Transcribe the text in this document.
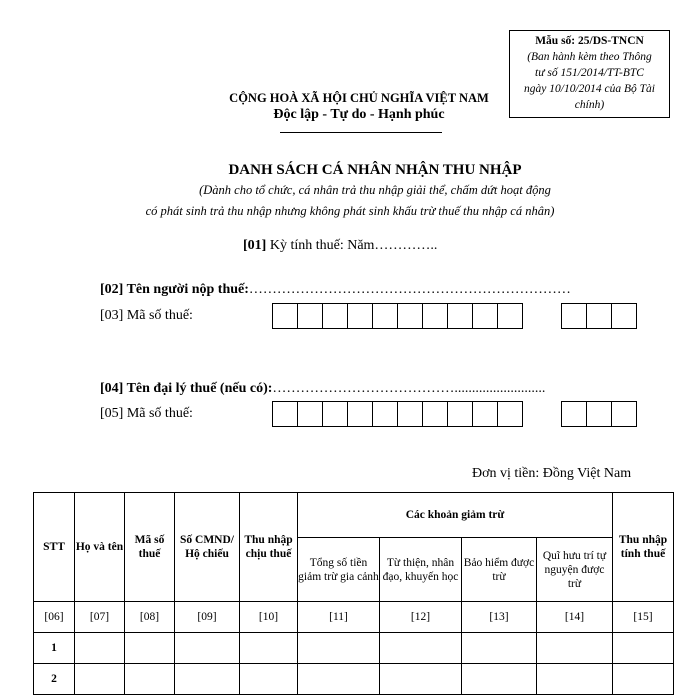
Mẫu số: 25/DS-TNCN
(Ban hành kèm theo Thông
tư số 151/2014/TT-BTC
ngày 10/10/2014 của Bộ Tài
chính)
CỘNG HOÀ XÃ HỘI CHỦ NGHĨA VIỆT NAM
Độc lập - Tự do - Hạnh phúc
DANH SÁCH CÁ NHÂN NHẬN THU NHẬP
(Dành cho tổ chức, cá nhân trả thu nhập giải thể, chấm dứt hoạt động
có phát sinh trả thu nhập nhưng không phát sinh khấu trừ thuế thu nhập cá nhân)
[01] Kỳ tính thuế: Năm…………..
[02] Tên người nộp thuế:……………………………………………………………
[03] Mã số thuế:
[04] Tên đại lý thuế (nếu có):…………………………………..........................
[05] Mã số thuế:
Đơn vị tiền: Đồng Việt Nam
STT	Họ và tên	Mã số thuế	Số CMND/ Hộ chiếu	Thu nhập chịu thuế	Các khoản giảm trừ				Thu nhập tính thuế
					Tổng số tiền giảm trừ gia cảnh	Từ thiện, nhân đạo, khuyến học	Bảo hiểm được trừ	Quĩ hưu trí tự nguyện được trừ	
[06]	[07]	[08]	[09]	[10]	[11]	[12]	[13]	[14]	[15]
1									
2									
